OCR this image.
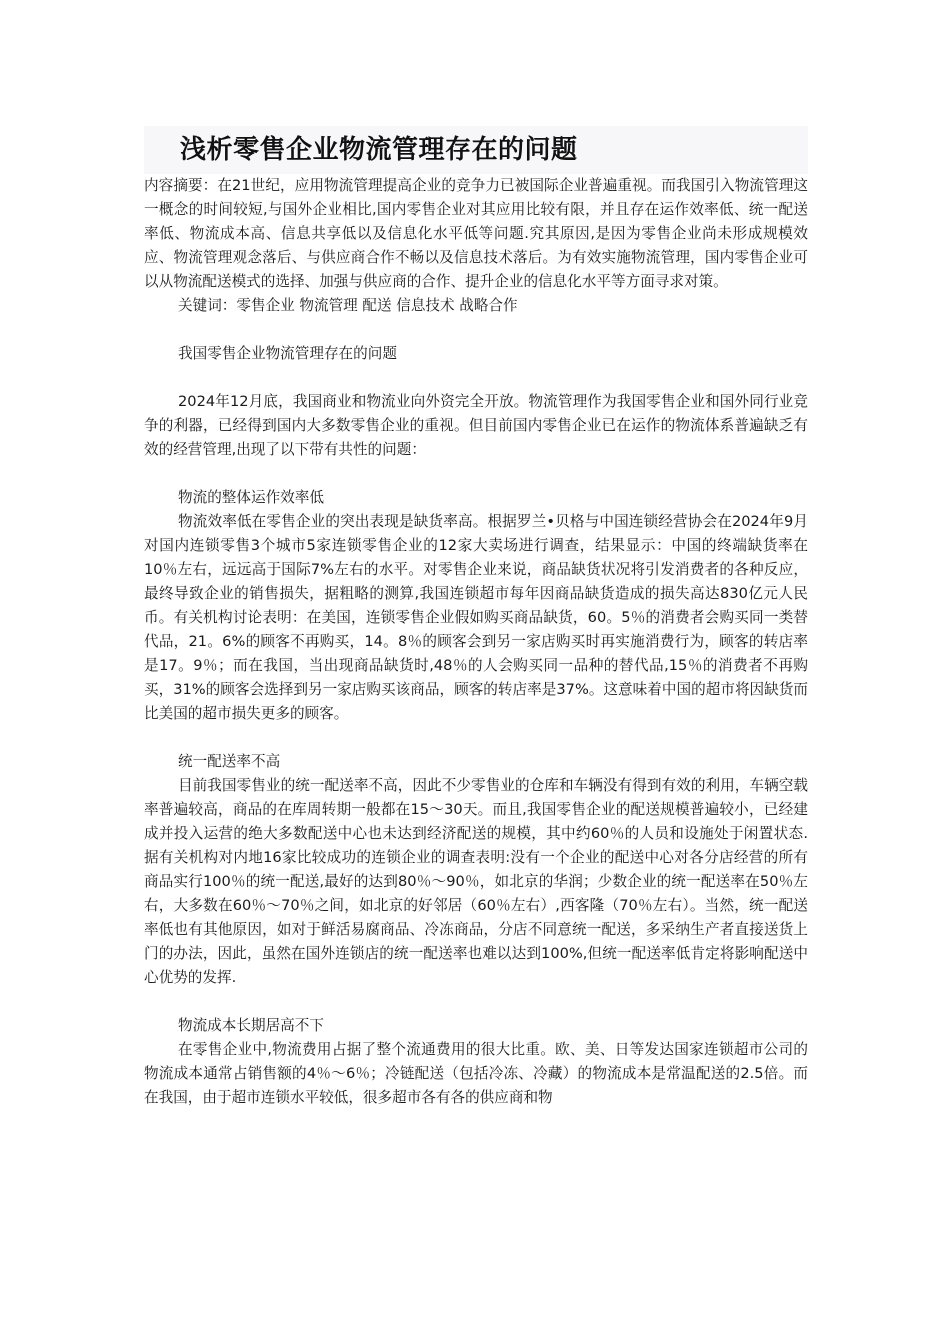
浅析零售企业物流管理存在的问题

内容摘要：在21世纪，应用物流管理提高企业的竞争力已被国际企业普遍重视。而我国引入物流管理这一概念的时间较短,与国外企业相比,国内零售企业对其应用比较有限，并且存在运作效率低、统一配送率低、物流成本高、信息共享低以及信息化水平低等问题.究其原因,是因为零售企业尚未形成规模效应、物流管理观念落后、与供应商合作不畅以及信息技术落后。为有效实施物流管理，国内零售企业可以从物流配送模式的选择、加强与供应商的合作、提升企业的信息化水平等方面寻求对策。

关键词：零售企业 物流管理 配送 信息技术 战略合作

我国零售企业物流管理存在的问题

2024年12月底，我国商业和物流业向外资完全开放。物流管理作为我国零售企业和国外同行业竞争的利器，已经得到国内大多数零售企业的重视。但目前国内零售企业已在运作的物流体系普遍缺乏有效的经营管理,出现了以下带有共性的问题：

物流的整体运作效率低

物流效率低在零售企业的突出表现是缺货率高。根据罗兰•贝格与中国连锁经营协会在2024年9月对国内连锁零售3个城市5家连锁零售企业的12家大卖场进行调查，结果显示：中国的终端缺货率在10％左右，远远高于国际7%左右的水平。对零售企业来说，商品缺货状况将引发消费者的各种反应，最终导致企业的销售损失，据粗略的测算,我国连锁超市每年因商品缺货造成的损失高达830亿元人民币。有关机构讨论表明：在美国，连锁零售企业假如购买商品缺货，60。5％的消费者会购买同一类替代品，21。6%的顾客不再购买，14。8％的顾客会到另一家店购买时再实施消费行为，顾客的转店率是17。9％；而在我国，当出现商品缺货时,48％的人会购买同一品种的替代品,15％的消费者不再购买，31%的顾客会选择到另一家店购买该商品，顾客的转店率是37%。这意味着中国的超市将因缺货而比美国的超市损失更多的顾客。

统一配送率不高

目前我国零售业的统一配送率不高，因此不少零售业的仓库和车辆没有得到有效的利用，车辆空载率普遍较高，商品的在库周转期一般都在15～30天。而且,我国零售企业的配送规模普遍较小，已经建成并投入运营的绝大多数配送中心也未达到经济配送的规模，其中约60％的人员和设施处于闲置状态.据有关机构对内地16家比较成功的连锁企业的调查表明:没有一个企业的配送中心对各分店经营的所有商品实行100％的统一配送,最好的达到80％～90％，如北京的华润；少数企业的统一配送率在50％左右，大多数在60％～70％之间，如北京的好邻居（60％左右）,西客隆（70％左右）。当然，统一配送率低也有其他原因，如对于鲜活易腐商品、冷冻商品，分店不同意统一配送，多采纳生产者直接送货上门的办法，因此，虽然在国外连锁店的统一配送率也难以达到100%,但统一配送率低肯定将影响配送中心优势的发挥.

物流成本长期居高不下

在零售企业中,物流费用占据了整个流通费用的很大比重。欧、美、日等发达国家连锁超市公司的物流成本通常占销售额的4％～6％；冷链配送（包括冷冻、冷藏）的物流成本是常温配送的2.5倍。而在我国，由于超市连锁水平较低，很多超市各有各的供应商和物
